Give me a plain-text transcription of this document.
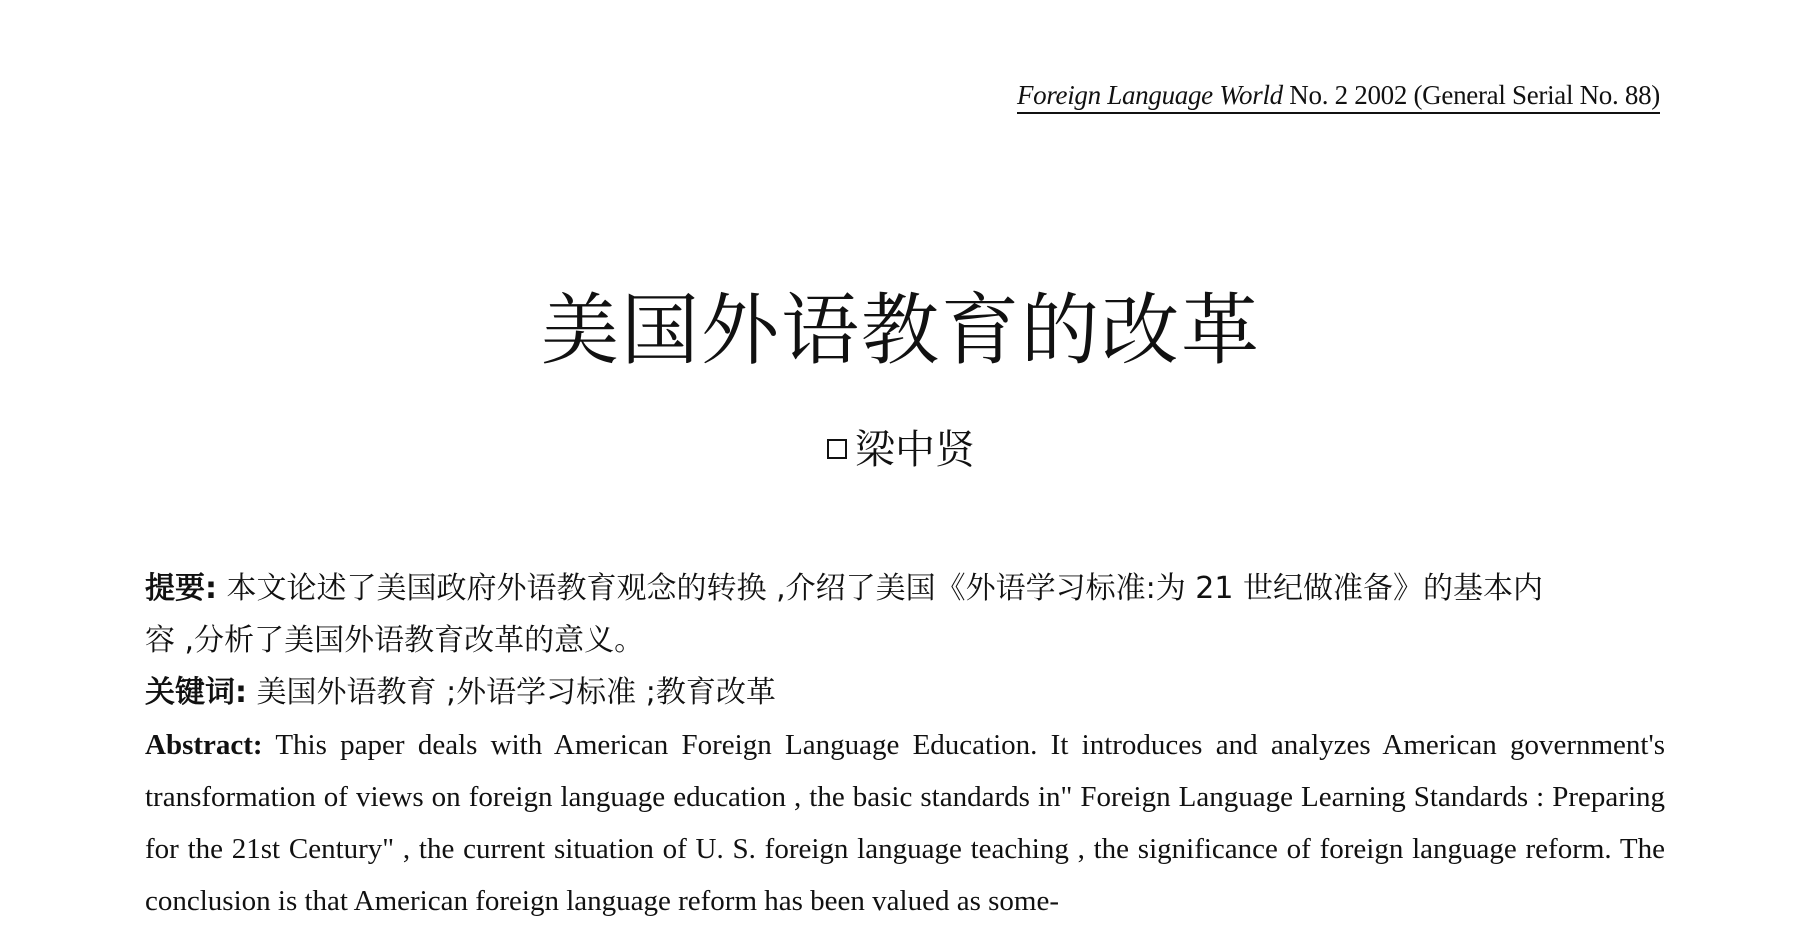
Foreign Language World No. 2 2002 (General Serial No. 88)
美国外语教育的改革
梁中贤
提要: 本文论述了美国政府外语教育观念的转换 ,介绍了美国《外语学习标准:为 21 世纪做准备》的基本内
容 ,分析了美国外语教育改革的意义。
关键词: 美国外语教育 ;外语学习标准 ;教育改革
Abstract: This paper deals with American Foreign Language Education. It introduces and analyzes American government's transformation of views on foreign language education , the basic standards in" Foreign Language Learning Standards : Preparing for the 21st Century" , the current situation of U. S. foreign language teaching , the significance of foreign language reform. The conclusion is that American foreign language reform has been valued as some-
